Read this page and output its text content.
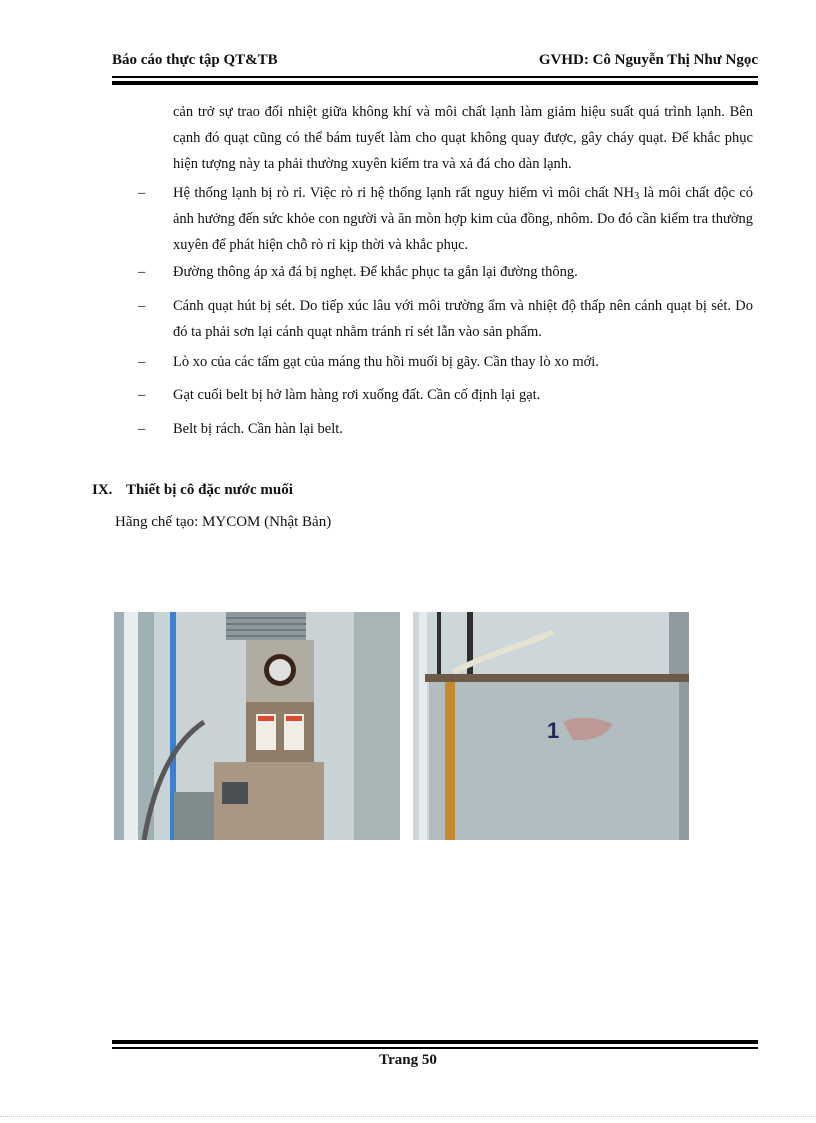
Báo cáo thực tập QT&TB	GVHD: Cô Nguyễn Thị Như Ngọc

cản trở sự trao đổi nhiệt giữa không khí và môi chất lạnh làm giảm hiệu suất quá trình lạnh. Bên cạnh đó quạt cũng có thể bám tuyết làm cho quạt không quay được, gây cháy quạt. Để khắc phục hiện tượng này ta phải thường xuyên kiểm tra và xả đá cho dàn lạnh.

– Hệ thống lạnh bị rò rỉ. Việc rò rỉ hệ thống lạnh rất nguy hiểm vì môi chất $NH_3$ là môi chất độc có ảnh hưởng đến sức khỏe con người và ăn mòn hợp kim của đồng, nhôm. Do đó cần kiểm tra thường xuyên để phát hiện chỗ rò rỉ kịp thời và khắc phục.

– Đường thông áp xả đá bị nghẹt. Để khắc phục ta gắn lại đường thông.

– Cánh quạt hút bị sét. Do tiếp xúc lâu với môi trường ẩm và nhiệt độ thấp nên cánh quạt bị sét. Do đó ta phải sơn lại cánh quạt nhằm tránh rỉ sét lẫn vào sản phẩm.

– Lò xo của các tấm gạt của máng thu hồi muối bị gãy. Cần thay lò xo mới.

– Gạt cuối belt bị hở làm hàng rơi xuống đất. Cần cố định lại gạt.

– Belt bị rách. Cần hàn lại belt.

IX. Thiết bị cô đặc nước muối
Hãng chế tạo: MYCOM (Nhật Bản)
1
Trang 50
